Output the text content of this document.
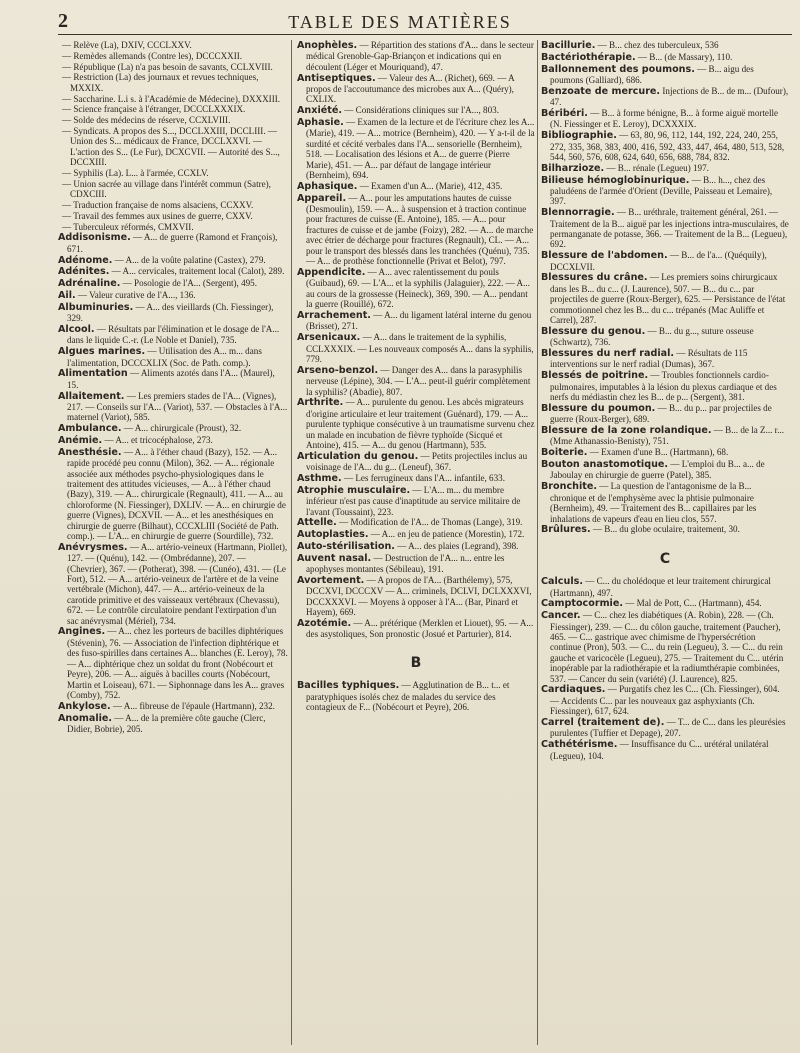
2	TABLE DES MATIÈRES
— Relève (La), DXIV, CCCLXXV.
— Remèdes allemands (Contre les), DCCCXXII.
— République (La) n'a pas besoin de savants, CCLXVIII.
— Restriction (La) des journaux et revues techniques, MXXIX.
— Saccharine. L.i s. à l'Académie de Médecine), DXXXIII.
— Science française à l'étranger, DCCCLXXXIX.
— Solde des médecins de réserve, CCXLVIII.
— Syndicats. A propos des S..., DCCLXXIII, DCCLIII. — Union des S... médicaux de France, DCCLXXVI. — L'action des S... (Le Fur), DCXCVII. — Autorité des S..., DCCXIII.
— Syphilis (La). L... à l'armée, CCXLV.
— Union sacrée au village dans l'intérêt commun (Satre), CDXCIII.
— Traduction française de noms alsaciens, CCXXV.
— Travail des femmes aux usines de guerre, CXXV.
— Tuberculeux réformés, CMXVII.
Addisonisme. — A... de guerre (Ramond et François), 671.
Adénome. — A... de la voûte palatine (Castex), 279.
Adénites. — A... cervicales, traitement local (Calot), 289.
Adrénaline. — Posologie de l'A... (Sergent), 495.
Ail. — Valeur curative de l'A..., 136.
Albuminuries. — A... des vieillards (Ch. Fiessinger), 329.
Alcool. — Résultats par l'élimination et le dosage de l'A... dans le liquide C.-r. (Le Noble et Daniel), 735.
Algues marines. — Utilisation des A... m... dans l'alimentation, DCCCXLIX (Soc. de Path. comp.).
Alimentation — Aliments azotés dans l'A... (Maurel), 15.
Allaitement. — Les premiers stades de l'A... (Vignes), 217. — Conseils sur l'A... (Variot), 537. — Obstacles à l'A... maternel (Variot), 585.
Ambulance. — A... chirurgicale (Proust), 32.
Anémie. — A... et tricocéphalose, 273.
Anesthésie. — A... à l'éther chaud (Bazy), 152. — A... rapide procédé peu connu (Milon), 362. — A... régionale associée aux méthodes psycho-physiologiques dans le traitement des attitudes vicieuses, — A... à l'éther chaud (Bazy), 319. — A... chirurgicale (Regnault), 411. — A... au chloroforme (N. Fiessinger), DXLIV. — A... en chirurgie de guerre (Vignes), DCXVII. — A... et les anesthésiques en chirurgie de guerre (Bilhaut), CCCXLIII (Société de Path. comp.). — L'A... en chirurgie de guerre (Sourdille), 732.
Anévrysmes. — A... artério-veineux (Hartmann, Piollet), 127. — (Quénu), 142. — (Ombrédanne), 207. — (Chevrier), 367. — (Potherat), 398. — (Cunéo), 431. — (Le Fort), 512. — A... artério-veineux de l'artère et de la veine vertébrale (Michon), 447. — A... artério-veineux de la carotide primitive et des vaisseaux vertébraux (Chevassu), 672. — Le contrôle circulatoire pendant l'extirpation d'un sac anévrysmal (Mériel), 734.
Angines. — A... chez les porteurs de bacilles diphtériques (Stévenin), 76. — Association de l'infection diphtérique et des fuso-spirilles dans certaines A... blanches (E. Leroy), 78. — A... diphtérique chez un soldat du front (Nobécourt et Peyre), 206. — A... aiguës à bacilles courts (Nobécourt, Martin et Loiseau), 671. — Siphonnage dans les A... graves (Comby), 752.
Ankylose. — A... fibreuse de l'épaule (Hartmann), 232.
Anomalie. — A... de la première côte gauche (Clerc, Didier, Bobrie), 205.
Anophèles. — Répartition des stations d'A... dans le secteur médical Grenoble-Gap-Briançon et indications qui en découlent (Léger et Mouriquand), 47.
Antiseptiques. — Valeur des A... (Richet), 669. — A propos de l'accoutumance des microbes aux A... (Quéry), CXLIX.
Anxiété. — Considérations cliniques sur l'A..., 803.
Aphasie. — Examen de la lecture et de l'écriture chez les A... (Marie), 419. — A... motrice (Bernheim), 420. — Y a-t-il de la surdité et cécité verbales dans l'A... sensorielle (Bernheim), 518. — Localisation des lésions et A... de guerre (Pierre Marie), 451. — A... par défaut de langage intérieur (Bernheim), 694.
Aphasique. — Examen d'un A... (Marie), 412, 435.
Appareil. — A... pour les amputations hautes de cuisse (Desmoulin), 159. — A... à suspension et à traction continue pour fractures de cuisse (E. Antoine), 185. — A... pour fractures de cuisse et de jambe (Foizy), 282. — A... de marche avec étrier de décharge pour fractures (Regnault), CL. — A... pour le transport des blessés dans les tranchées (Quénu), 735. — A... de prothèse fonctionnelle (Privat et Belot), 797.
Appendicite. — A... avec ralentissement du pouls (Guibaud), 69. — L'A... et la syphilis (Jalaguier), 222. — A... au cours de la grossesse (Heineck), 369, 390. — A... pendant la guerre (Rouillé), 672.
Arrachement. — A... du ligament latéral interne du genou (Brisset), 271.
Arsenicaux. — A... dans le traitement de la syphilis, CCLXXXIX. — Les nouveaux composés A... dans la syphilis, 779.
Arseno-benzol. — Danger des A... dans la parasyphilis nerveuse (Lépine), 304. — L'A... peut-il guérir complètement la syphilis? (Abadie), 807.
Arthrite. — A... purulente du genou. Les abcès migrateurs d'origine articulaire et leur traitement (Guénard), 179. — A... purulente typhique consécutive à un traumatisme survenu chez un malade en incubation de fièvre typhoïde (Sicqué et Antoine), 415. — A... du genou (Hartmann), 535.
Articulation du genou. — Petits projectiles inclus au voisinage de l'A... du g... (Leneuf), 367.
Asthme. — Les ferrugineux dans l'A... infantile, 633.
Atrophie musculaire. — L'A... m... du membre inférieur n'est pas cause d'inaptitude au service militaire de l'avant (Toussaint), 223.
Attelle. — Modification de l'A... de Thomas (Lange), 319.
Autoplasties. — A... en jeu de patience (Morestin), 172.
Auto-stérilisation. — A... des plaies (Legrand), 398.
Auvent nasal. — Destruction de l'A... n... entre les apophyses montantes (Sébileau), 191.
Avortement. — A propos de l'A... (Barthélemy), 575, DCCXVI, DCCCXV — A... criminels, DCLVI, DCLXXXVI, DCCXXXVI. — Moyens à opposer à l'A... (Bar, Pinard et Hayem), 669.
Azotémie. — A... prétérique (Merklen et Liouet), 95. — A... des asystoliques, Son pronostic (Josué et Parturier), 814.
B
Bacilles typhiques. — Agglutination de B... t... et paratyphiques isolés chez de malades du service des contagieux de F... (Nobécourt et Peyre), 206.
Bacillurie. — B... chez des tuberculeux, 536
Bactériothérapie. — B... (de Massary), 110.
Ballonnement des poumons. — B... aigu des poumons (Galliard), 686.
Benzoate de mercure. Injections de B... de m... (Dufour), 47.
Béribéri. — B... à forme bénigne, B... à forme aiguë mortelle (N. Fiessinger et E. Leroy), DCXXXIX.
Bibliographie. — 63, 80, 96, 112, 144, 192, 224, 240, 255, 272, 335, 368, 383, 400, 416, 592, 433, 447, 464, 480, 513, 528, 544, 560, 576, 608, 624, 640, 656, 688, 784, 832.
Bilharzioze. — B... rénale (Legueu) 197.
Bilieuse hémoglobinurique. — B... h..., chez des paludéens de l'armée d'Orient (Deville, Paisseau et Lemaire), 397.
Blennorragie. — B... uréthrale, traitement général, 261. — Traitement de la B... aiguë par les injections intra-musculaires, de permanganate de potasse, 366. — Traitement de la B... (Legueu), 692.
Blessure de l'abdomen. — B... de l'a... (Quéquily), DCCXLVII.
Blessures du crâne. — Les premiers soins chirurgicaux dans les B... du c... (J. Laurence), 507. — B... du c... par projectiles de guerre (Roux-Berger), 625. — Persistance de l'état commotionnel chez les B... du c... trépanés (Mac Auliffe et Carrel), 287.
Blessure du genou. — B... du g..., suture osseuse (Schwartz), 736.
Blessures du nerf radial. — Résultats de 115 interventions sur le nerf radial (Dumas), 367.
Blessés de poitrine. — Troubles fonctionnels cardio-pulmonaires, imputables à la lésion du plexus cardiaque et des nerfs du médiastin chez les B... de p... (Sergent), 381.
Blessure du poumon. — B... du p... par projectiles de guerre (Roux-Berger), 689.
Blessure de la zone rolandique. — B... de la Z... r... (Mme Athanassio-Benisty), 751.
Boiterie. — Examen d'une B... (Hartmann), 68.
Bouton anastomotique. — L'emploi du B... a... de Jaboulay en chirurgie de guerre (Patel), 385.
Bronchite. — La question de l'antagonisme de la B... chronique et de l'emphysème avec la phtisie pulmonaire (Bernheim), 49. — Traitement des B... capillaires par les inhalations de vapeurs d'eau en lieu clos, 557.
Brûlures. — B... du globe oculaire, traitement, 30.
C
Calculs. — C... du cholédoque et leur traitement chirurgical (Hartmann), 497.
Camptocormie. — Mal de Pott, C... (Hartmann), 454.
Cancer. — C... chez les diabétiques (A. Robin), 228. — (Ch. Fiessinger), 239. — C... du côlon gauche, traitement (Paucher), 465. — C... gastrique avec chimisme de l'hypersécrétion continue (Pron), 503. — C... du rein (Legueu), 3. — C... du rein gauche et varicocèle (Legueu), 275. — Traitement du C... utérin inopérable par la radiothérapie et la radiumthérapie combinées, 537. — Cancer du sein (variété) (J. Laurence), 825.
Cardiaques. — Purgatifs chez les C... (Ch. Fiessinger), 604. — Accidents C... par les nouveaux gaz asphyxiants (Ch. Fiessinger), 617, 624.
Carrel (traitement de). — T... de C... dans les pleurésies purulentes (Tuffier et Depage), 207.
Cathétérisme. — Insuffisance du C... urétéral unilatéral (Legueu), 104.
